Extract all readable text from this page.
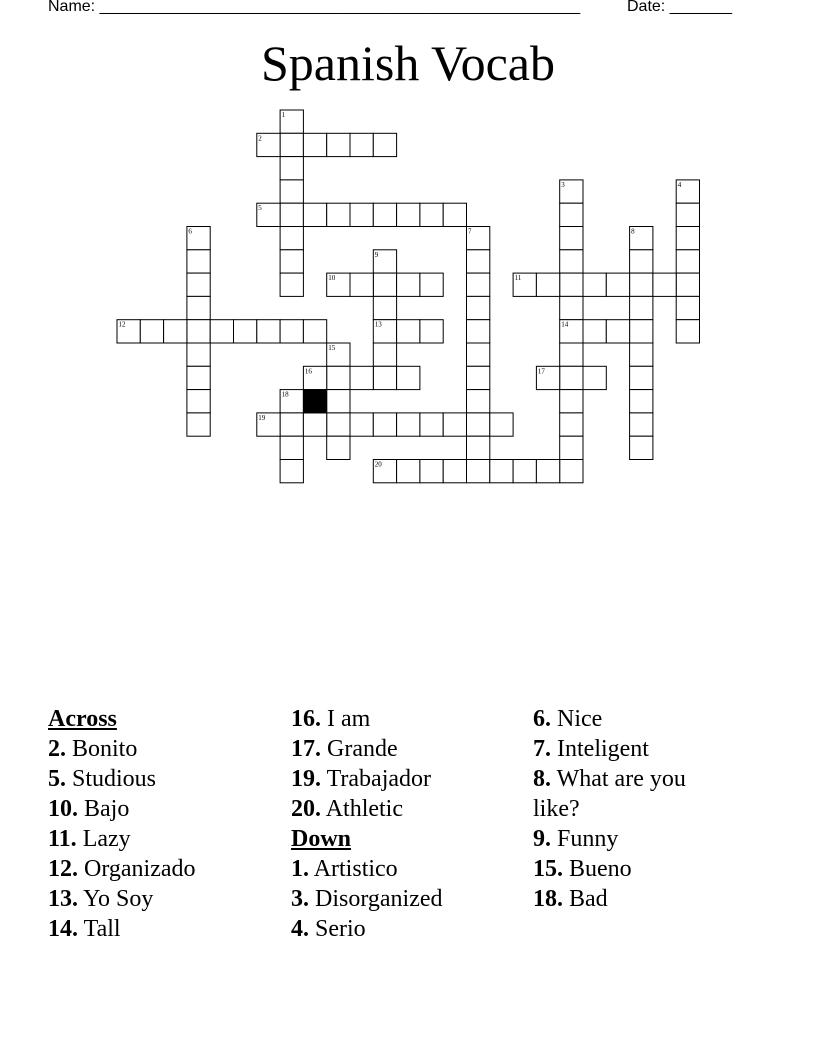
Name: ______________________________________________________	Date: _______
Spanish Vocab
1
2
3	4
5
6	7	8
9
10	11
12	13	14
15
16	17
18
19
20
Across
2. Bonito
5. Studious
10. Bajo
11. Lazy
12. Organizado
13. Yo Soy
14. Tall
16. I am
17. Grande
19. Trabajador
20. Athletic
Down
1. Artistico
3. Disorganized
4. Serio
6. Nice
7. Inteligent
8. What are you like?
9. Funny
15. Bueno
18. Bad
